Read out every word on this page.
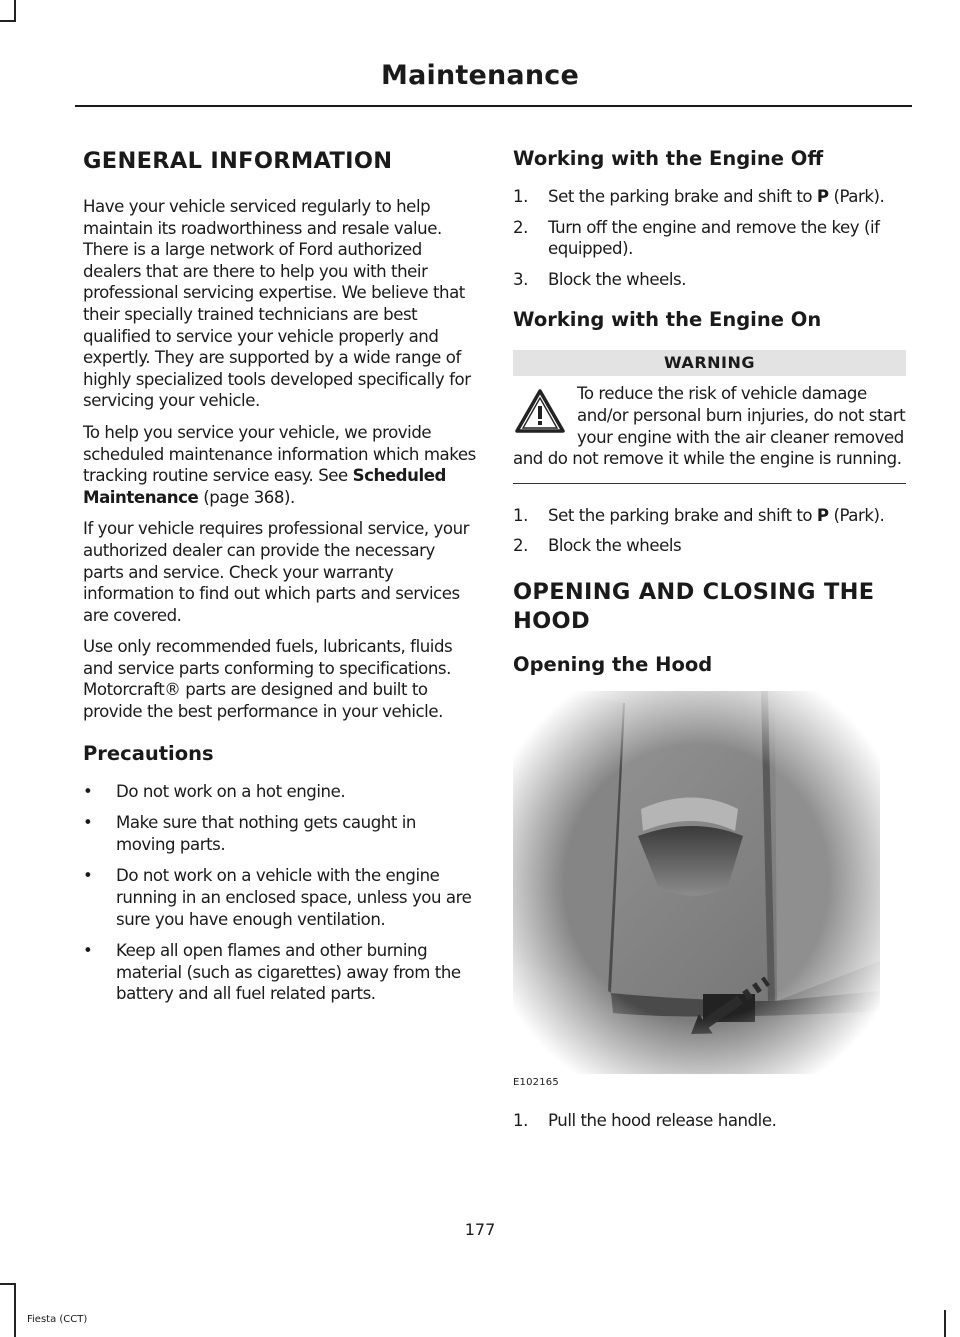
Maintenance
GENERAL INFORMATION

Have your vehicle serviced regularly to help maintain its roadworthiness and resale value. There is a large network of Ford authorized dealers that are there to help you with their professional servicing expertise. We believe that their specially trained technicians are best qualified to service your vehicle properly and expertly. They are supported by a wide range of highly specialized tools developed specifically for servicing your vehicle.

To help you service your vehicle, we provide scheduled maintenance information which makes tracking routine service easy. See Scheduled Maintenance (page 368).

If your vehicle requires professional service, your authorized dealer can provide the necessary parts and service. Check your warranty information to find out which parts and services are covered.

Use only recommended fuels, lubricants, fluids and service parts conforming to specifications. Motorcraft® parts are designed and built to provide the best performance in your vehicle.

Precautions
• Do not work on a hot engine.
• Make sure that nothing gets caught in moving parts.
• Do not work on a vehicle with the engine running in an enclosed space, unless you are sure you have enough ventilation.
• Keep all open flames and other burning material (such as cigarettes) away from the battery and all fuel related parts.
Working with the Engine Off
1. Set the parking brake and shift to P (Park).
2. Turn off the engine and remove the key (if equipped).
3. Block the wheels.
Working with the Engine On
WARNING
To reduce the risk of vehicle damage and/or personal burn injuries, do not start your engine with the air cleaner removed and do not remove it while the engine is running.
1. Set the parking brake and shift to P (Park).
2. Block the wheels
OPENING AND CLOSING THE HOOD
Opening the Hood
E102165
1. Pull the hood release handle.
177
Fiesta (CCT)
